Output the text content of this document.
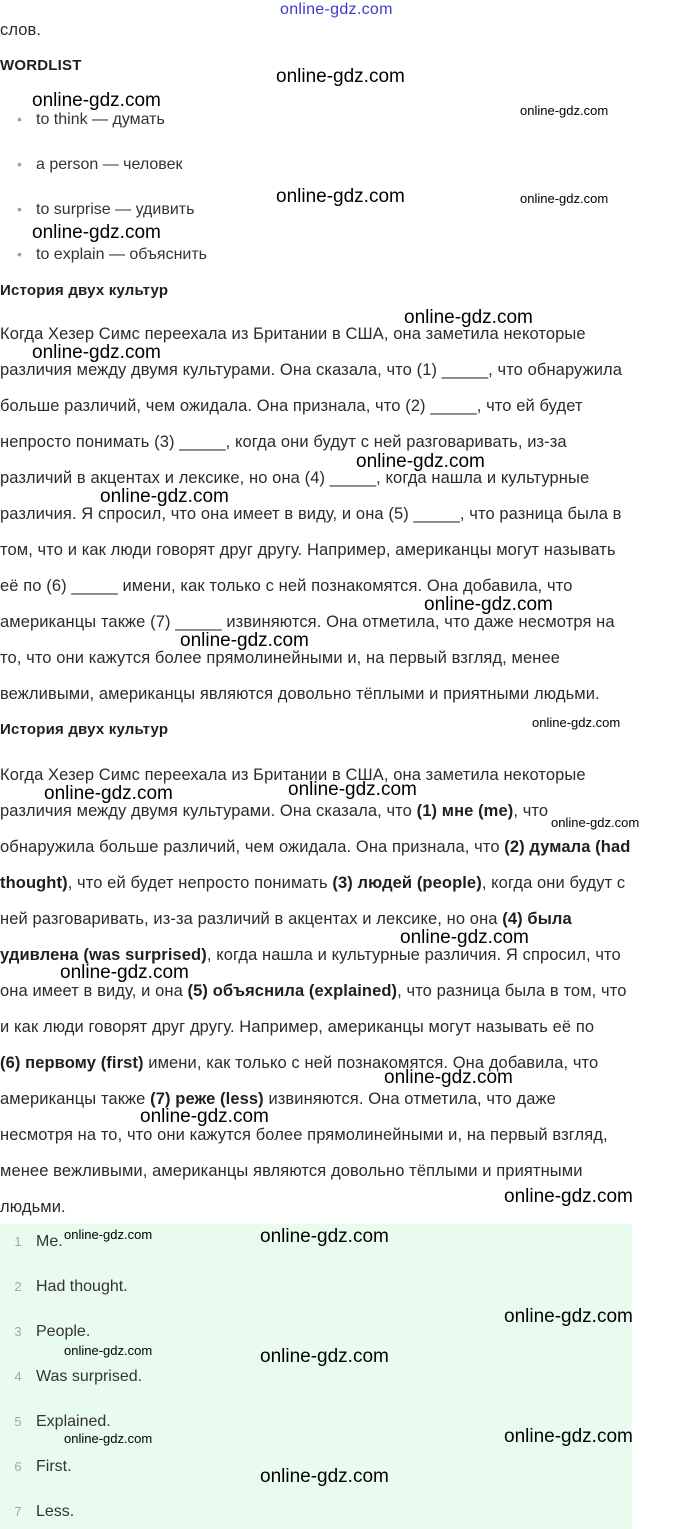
online-gdz.com
слов.
WORDLIST
• to think — думать
• a person — человек
• to surprise — удивить
• to explain — объяснить
История двух культур
Когда Хезер Симс переехала из Британии в США, она заметила некоторые
различия между двумя культурами. Она сказала, что (1) _____, что обнаружила
больше различий, чем ожидала. Она признала, что (2) _____, что ей будет
непросто понимать (3) _____, когда они будут с ней разговаривать, из-за
различий в акцентах и лексике, но она (4) _____, когда нашла и культурные
различия. Я спросил, что она имеет в виду, и она (5) _____, что разница была в
том, что и как люди говорят друг другу. Например, американцы могут называть
её по (6) _____ имени, как только с ней познакомятся. Она добавила, что
американцы также (7) _____ извиняются. Она отметила, что даже несмотря на
то, что они кажутся более прямолинейными и, на первый взгляд, менее
вежливыми, американцы являются довольно тёплыми и приятными людьми.
История двух культур
Когда Хезер Симс переехала из Британии в США, она заметила некоторые
различия между двумя культурами. Она сказала, что (1) мне (me), что
обнаружила больше различий, чем ожидала. Она признала, что (2) думала (had
thought), что ей будет непросто понимать (3) людей (people), когда они будут с
ней разговаривать, из-за различий в акцентах и лексике, но она (4) была
удивлена (was surprised), когда нашла и культурные различия. Я спросил, что
она имеет в виду, и она (5) объяснила (explained), что разница была в том, что
и как люди говорят друг другу. Например, американцы могут называть её по
(6) первому (first) имени, как только с ней познакомятся. Она добавила, что
американцы также (7) реже (less) извиняются. Она отметила, что даже
несмотря на то, что они кажутся более прямолинейными и, на первый взгляд,
менее вежливыми, американцы являются довольно тёплыми и приятными
людьми.
1 Me.
2 Had thought.
3 People.
4 Was surprised.
5 Explained.
6 First.
7 Less.
online-gdz.com
online-gdz.com
online-gdz.com
online-gdz.com	online-gdz.com
online-gdz.com
online-gdz.com
online-gdz.com
online-gdz.com
online-gdz.com
online-gdz.com
online-gdz.com
online-gdz.com
online-gdz.com	online-gdz.com
online-gdz.com
online-gdz.com
online-gdz.com
online-gdz.com
online-gdz.com
online-gdz.com
online-gdz.com	online-gdz.com
online-gdz.com
online-gdz.com	online-gdz.com
online-gdz.com	online-gdz.com
online-gdz.com
